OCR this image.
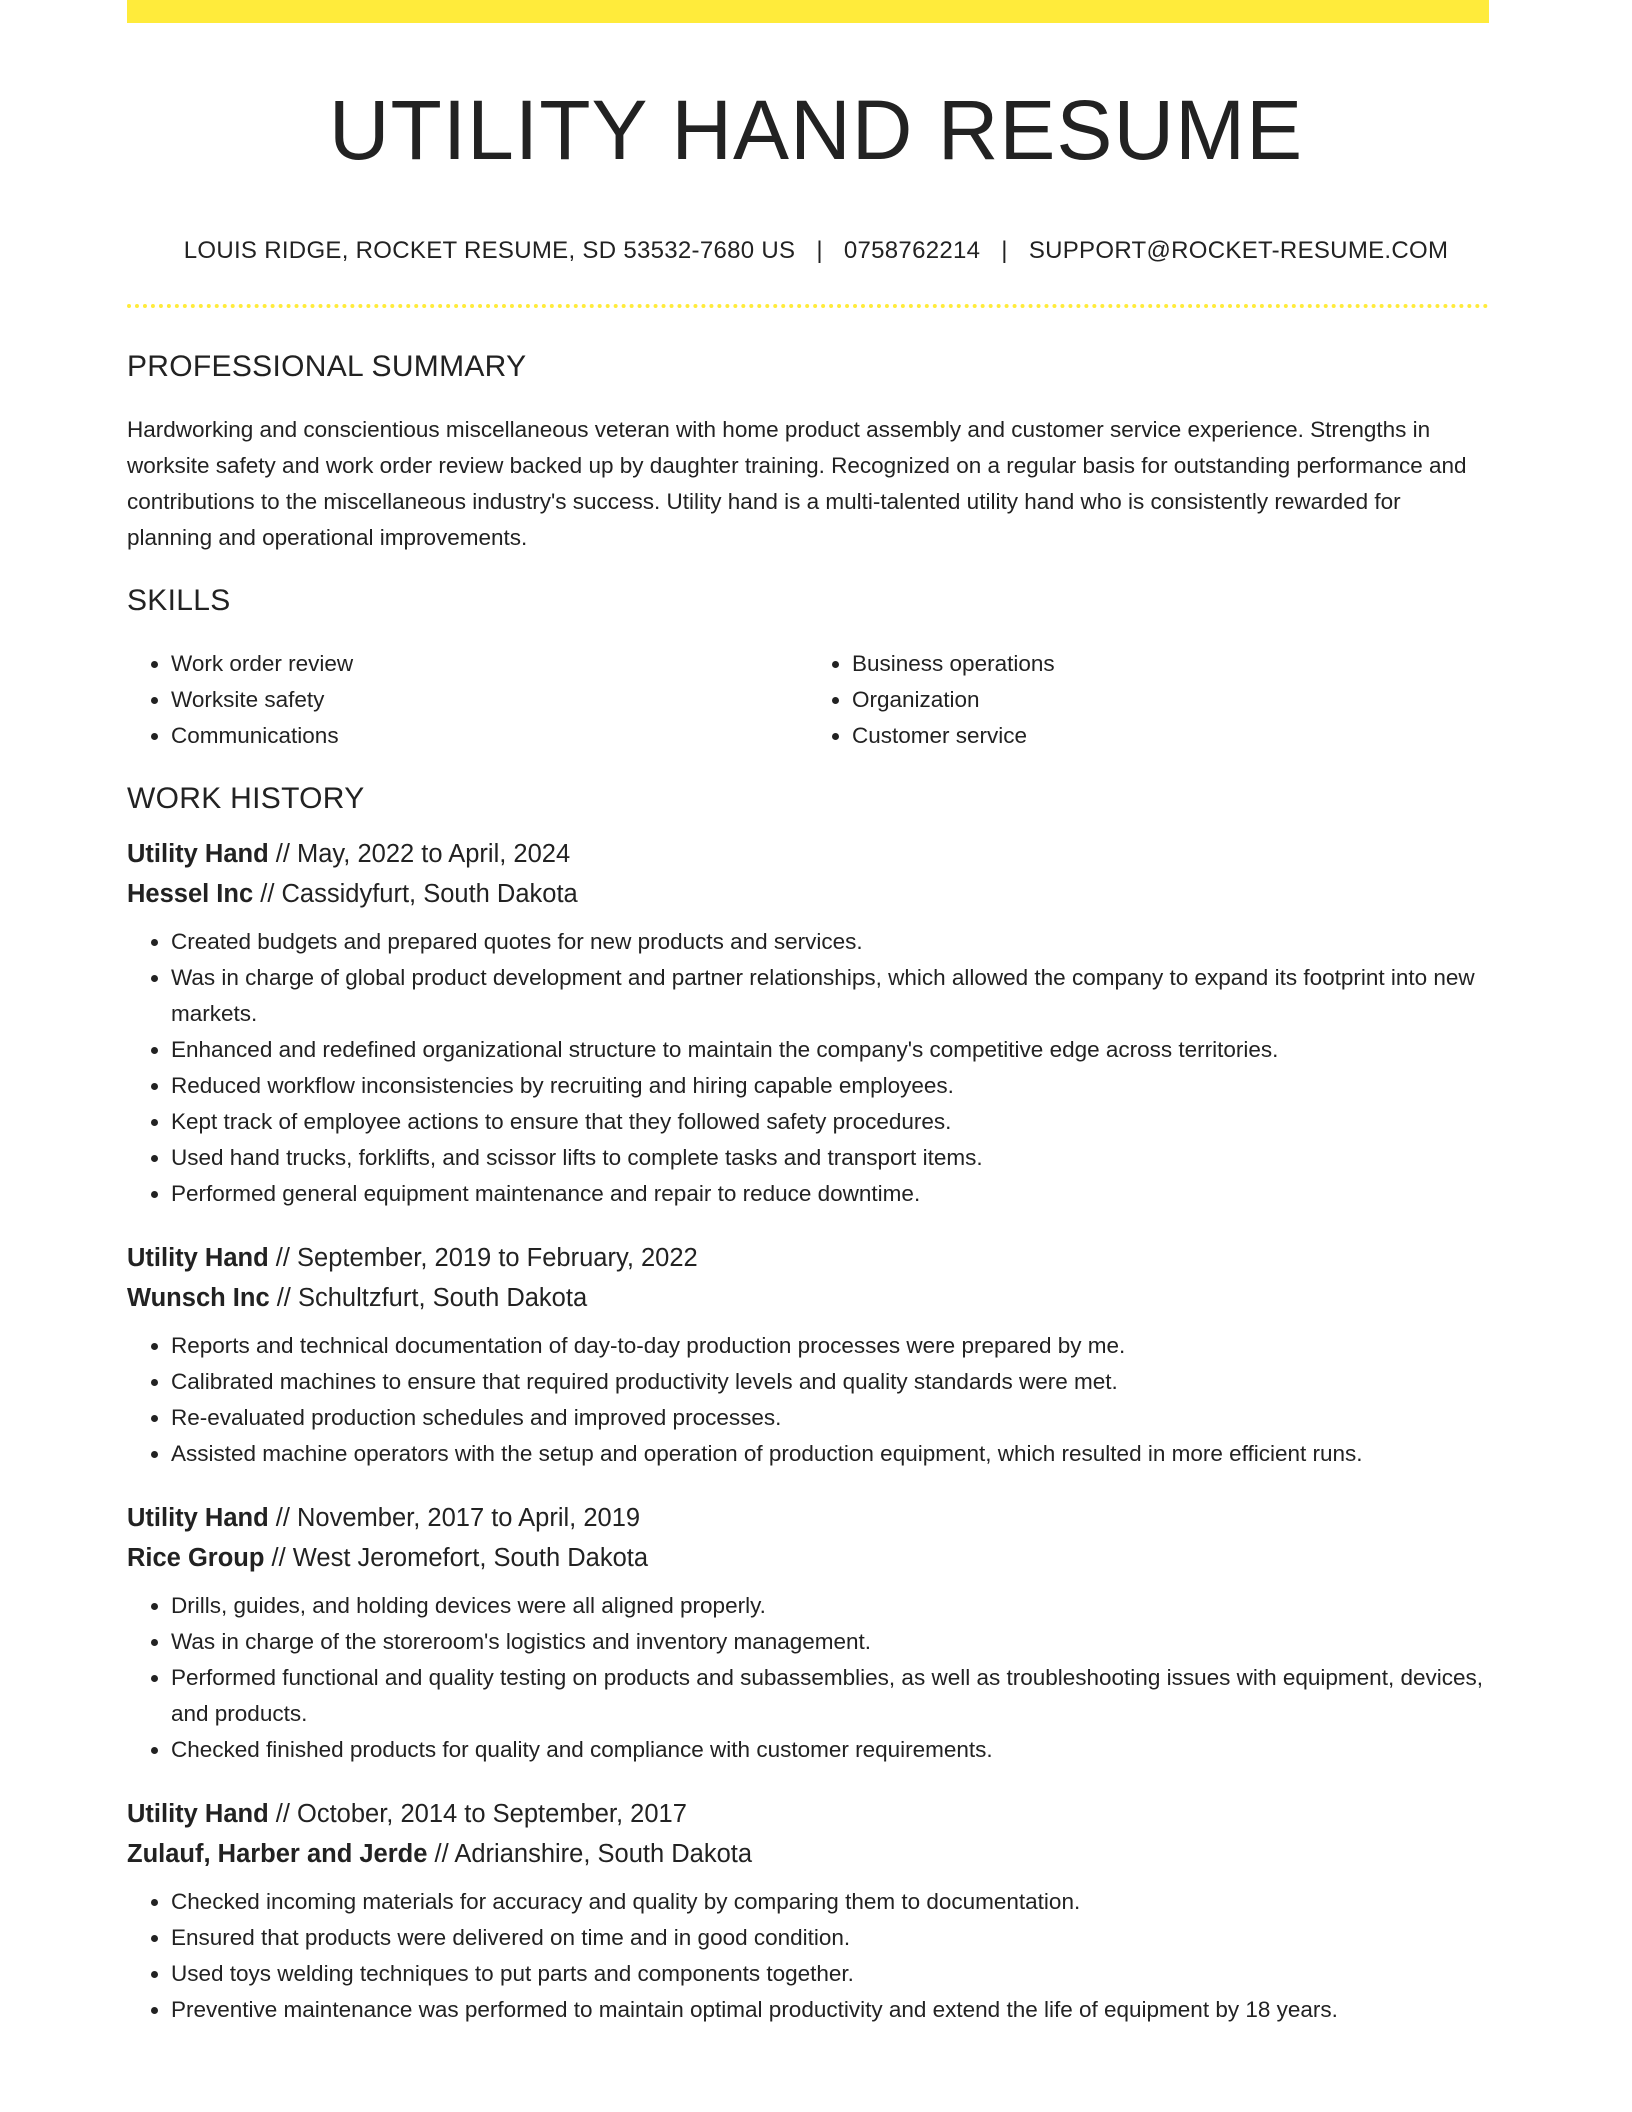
UTILITY HAND RESUME
LOUIS RIDGE, ROCKET RESUME, SD 53532-7680 US | 0758762214 | SUPPORT@ROCKET-RESUME.COM
PROFESSIONAL SUMMARY

Hardworking and conscientious miscellaneous veteran with home product assembly and customer service experience. Strengths in worksite safety and work order review backed up by daughter training. Recognized on a regular basis for outstanding performance and contributions to the miscellaneous industry's success. Utility hand is a multi-talented utility hand who is consistently rewarded for planning and operational improvements.

SKILLS
• Work order review
• Worksite safety
• Communications
• Business operations
• Organization
• Customer service
WORK HISTORY
Utility Hand // May, 2022 to April, 2024
Hessel Inc // Cassidyfurt, South Dakota
• Created budgets and prepared quotes for new products and services.
• Was in charge of global product development and partner relationships, which allowed the company to expand its footprint into new markets.
• Enhanced and redefined organizational structure to maintain the company's competitive edge across territories.
• Reduced workflow inconsistencies by recruiting and hiring capable employees.
• Kept track of employee actions to ensure that they followed safety procedures.
• Used hand trucks, forklifts, and scissor lifts to complete tasks and transport items.
• Performed general equipment maintenance and repair to reduce downtime.
Utility Hand // September, 2019 to February, 2022
Wunsch Inc // Schultzfurt, South Dakota
• Reports and technical documentation of day-to-day production processes were prepared by me.
• Calibrated machines to ensure that required productivity levels and quality standards were met.
• Re-evaluated production schedules and improved processes.
• Assisted machine operators with the setup and operation of production equipment, which resulted in more efficient runs.
Utility Hand // November, 2017 to April, 2019
Rice Group // West Jeromefort, South Dakota
• Drills, guides, and holding devices were all aligned properly.
• Was in charge of the storeroom's logistics and inventory management.
• Performed functional and quality testing on products and subassemblies, as well as troubleshooting issues with equipment, devices, and products.
• Checked finished products for quality and compliance with customer requirements.
Utility Hand // October, 2014 to September, 2017
Zulauf, Harber and Jerde // Adrianshire, South Dakota
• Checked incoming materials for accuracy and quality by comparing them to documentation.
• Ensured that products were delivered on time and in good condition.
• Used toys welding techniques to put parts and components together.
• Preventive maintenance was performed to maintain optimal productivity and extend the life of equipment by 18 years.
